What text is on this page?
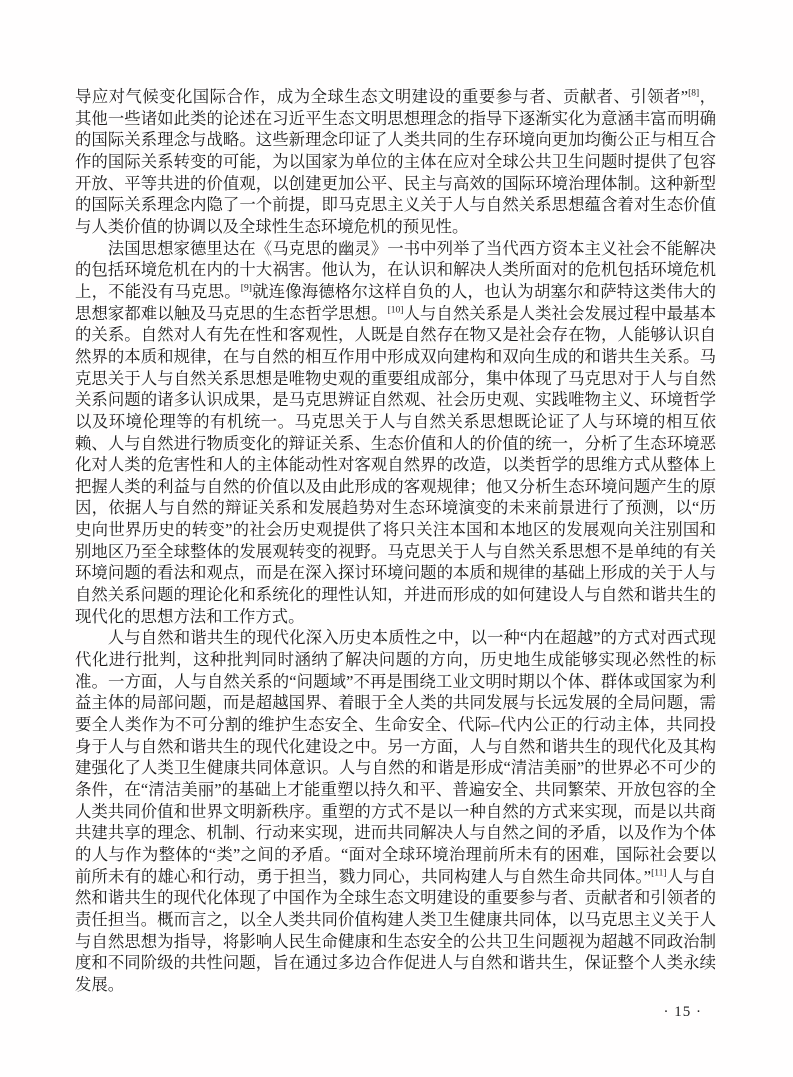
导应对气候变化国际合作，成为全球生态文明建设的重要参与者、贡献者、引领者”[8]，其他一些诸如此类的论述在习近平生态文明思想理念的指导下逐渐实化为意涵丰富而明确的国际关系理念与战略。这些新理念印证了人类共同的生存环境向更加均衡公正与相互合作的国际关系转变的可能，为以国家为单位的主体在应对全球公共卫生问题时提供了包容开放、平等共进的价值观，以创建更加公平、民主与高效的国际环境治理体制。这种新型的国际关系理念内隐了一个前提，即马克思主义关于人与自然关系思想蕴含着对生态价值与人类价值的协调以及全球性生态环境危机的预见性。

法国思想家德里达在《马克思的幽灵》一书中列举了当代西方资本主义社会不能解决的包括环境危机在内的十大祸害。他认为，在认识和解决人类所面对的危机包括环境危机上，不能没有马克思。[9]就连像海德格尔这样自负的人，也认为胡塞尔和萨特这类伟大的思想家都难以触及马克思的生态哲学思想。[10]人与自然关系是人类社会发展过程中最基本的关系。自然对人有先在性和客观性，人既是自然存在物又是社会存在物，人能够认识自然界的本质和规律，在与自然的相互作用中形成双向建构和双向生成的和谐共生关系。马克思关于人与自然关系思想是唯物史观的重要组成部分，集中体现了马克思对于人与自然关系问题的诸多认识成果，是马克思辨证自然观、社会历史观、实践唯物主义、环境哲学以及环境伦理等的有机统一。马克思关于人与自然关系思想既论证了人与环境的相互依赖、人与自然进行物质变化的辩证关系、生态价值和人的价值的统一，分析了生态环境恶化对人类的危害性和人的主体能动性对客观自然界的改造，以类哲学的思维方式从整体上把握人类的利益与自然的价值以及由此形成的客观规律；他又分析生态环境问题产生的原因，依据人与自然的辩证关系和发展趋势对生态环境演变的未来前景进行了预测，以“历史向世界历史的转变”的社会历史观提供了将只关注本国和本地区的发展观向关注别国和别地区乃至全球整体的发展观转变的视野。马克思关于人与自然关系思想不是单纯的有关环境问题的看法和观点，而是在深入探讨环境问题的本质和规律的基础上形成的关于人与自然关系问题的理论化和系统化的理性认知，并进而形成的如何建设人与自然和谐共生的现代化的思想方法和工作方式。

人与自然和谐共生的现代化深入历史本质性之中，以一种“内在超越”的方式对西式现代化进行批判，这种批判同时涵纳了解决问题的方向，历史地生成能够实现必然性的标准。一方面，人与自然关系的“问题域”不再是围绕工业文明时期以个体、群体或国家为利益主体的局部问题，而是超越国界、着眼于全人类的共同发展与长远发展的全局问题，需要全人类作为不可分割的维护生态安全、生命安全、代际–代内公正的行动主体，共同投身于人与自然和谐共生的现代化建设之中。另一方面，人与自然和谐共生的现代化及其构建强化了人类卫生健康共同体意识。人与自然的和谐是形成“清洁美丽”的世界必不可少的条件，在“清洁美丽”的基础上才能重塑以持久和平、普遍安全、共同繁荣、开放包容的全人类共同价值和世界文明新秩序。重塑的方式不是以一种自然的方式来实现，而是以共商共建共享的理念、机制、行动来实现，进而共同解决人与自然之间的矛盾，以及作为个体的人与作为整体的“类”之间的矛盾。“面对全球环境治理前所未有的困难，国际社会要以前所未有的雄心和行动，勇于担当，戮力同心，共同构建人与自然生命共同体。”[11]人与自然和谐共生的现代化体现了中国作为全球生态文明建设的重要参与者、贡献者和引领者的责任担当。概而言之，以全人类共同价值构建人类卫生健康共同体，以马克思主义关于人与自然思想为指导，将影响人民生命健康和生态安全的公共卫生问题视为超越不同政治制度和不同阶级的共性问题，旨在通过多边合作促进人与自然和谐共生，保证整个人类永续发展。

· 15 ·
